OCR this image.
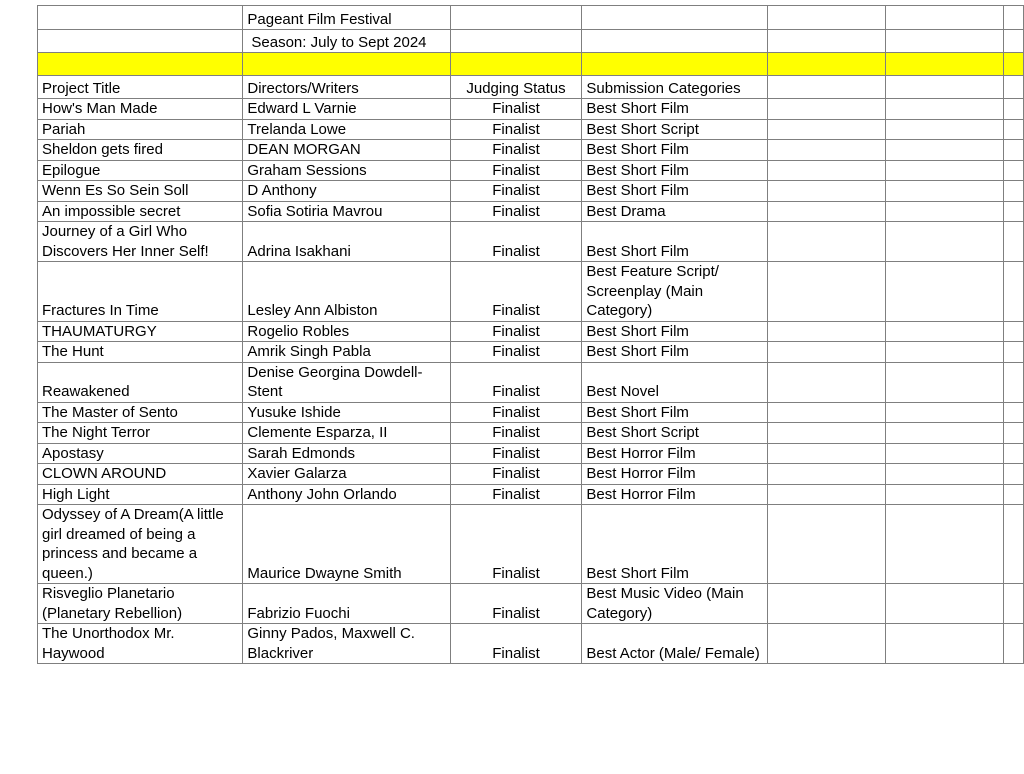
	Pageant Film Festival					
	Season: July to Sept 2024					

Project Title	Directors/Writers	Judging Status	Submission Categories			
How's Man Made	Edward L Varnie	Finalist	Best Short Film			
Pariah	Trelanda Lowe	Finalist	Best Short Script			
Sheldon gets fired	DEAN MORGAN	Finalist	Best Short Film			
Epilogue	Graham Sessions	Finalist	Best Short Film			
Wenn Es So Sein Soll	D Anthony	Finalist	Best Short Film			
An impossible secret	Sofia Sotiria Mavrou	Finalist	Best Drama			
Journey of a Girl Who Discovers Her Inner Self!	Adrina Isakhani	Finalist	Best Short Film			
Fractures In Time	Lesley Ann Albiston	Finalist	Best Feature Script/ Screenplay (Main Category)			
THAUMATURGY	Rogelio Robles	Finalist	Best Short Film			
The Hunt	Amrik Singh Pabla	Finalist	Best Short Film			
Reawakened	Denise Georgina Dowdell-Stent	Finalist	Best Novel			
The Master of Sento	Yusuke Ishide	Finalist	Best Short Film			
The Night Terror	Clemente Esparza, II	Finalist	Best Short Script			
Apostasy	Sarah Edmonds	Finalist	Best Horror Film			
CLOWN AROUND	Xavier Galarza	Finalist	Best Horror Film			
High Light	Anthony John Orlando	Finalist	Best Horror Film			
Odyssey of A Dream(A little girl dreamed of being a princess and became a queen.)	Maurice Dwayne Smith	Finalist	Best Short Film			
Risveglio Planetario (Planetary Rebellion)	Fabrizio Fuochi	Finalist	Best Music Video (Main Category)			
The Unorthodox Mr. Haywood	Ginny Pados, Maxwell C. Blackriver	Finalist	Best Actor (Male/ Female)			
